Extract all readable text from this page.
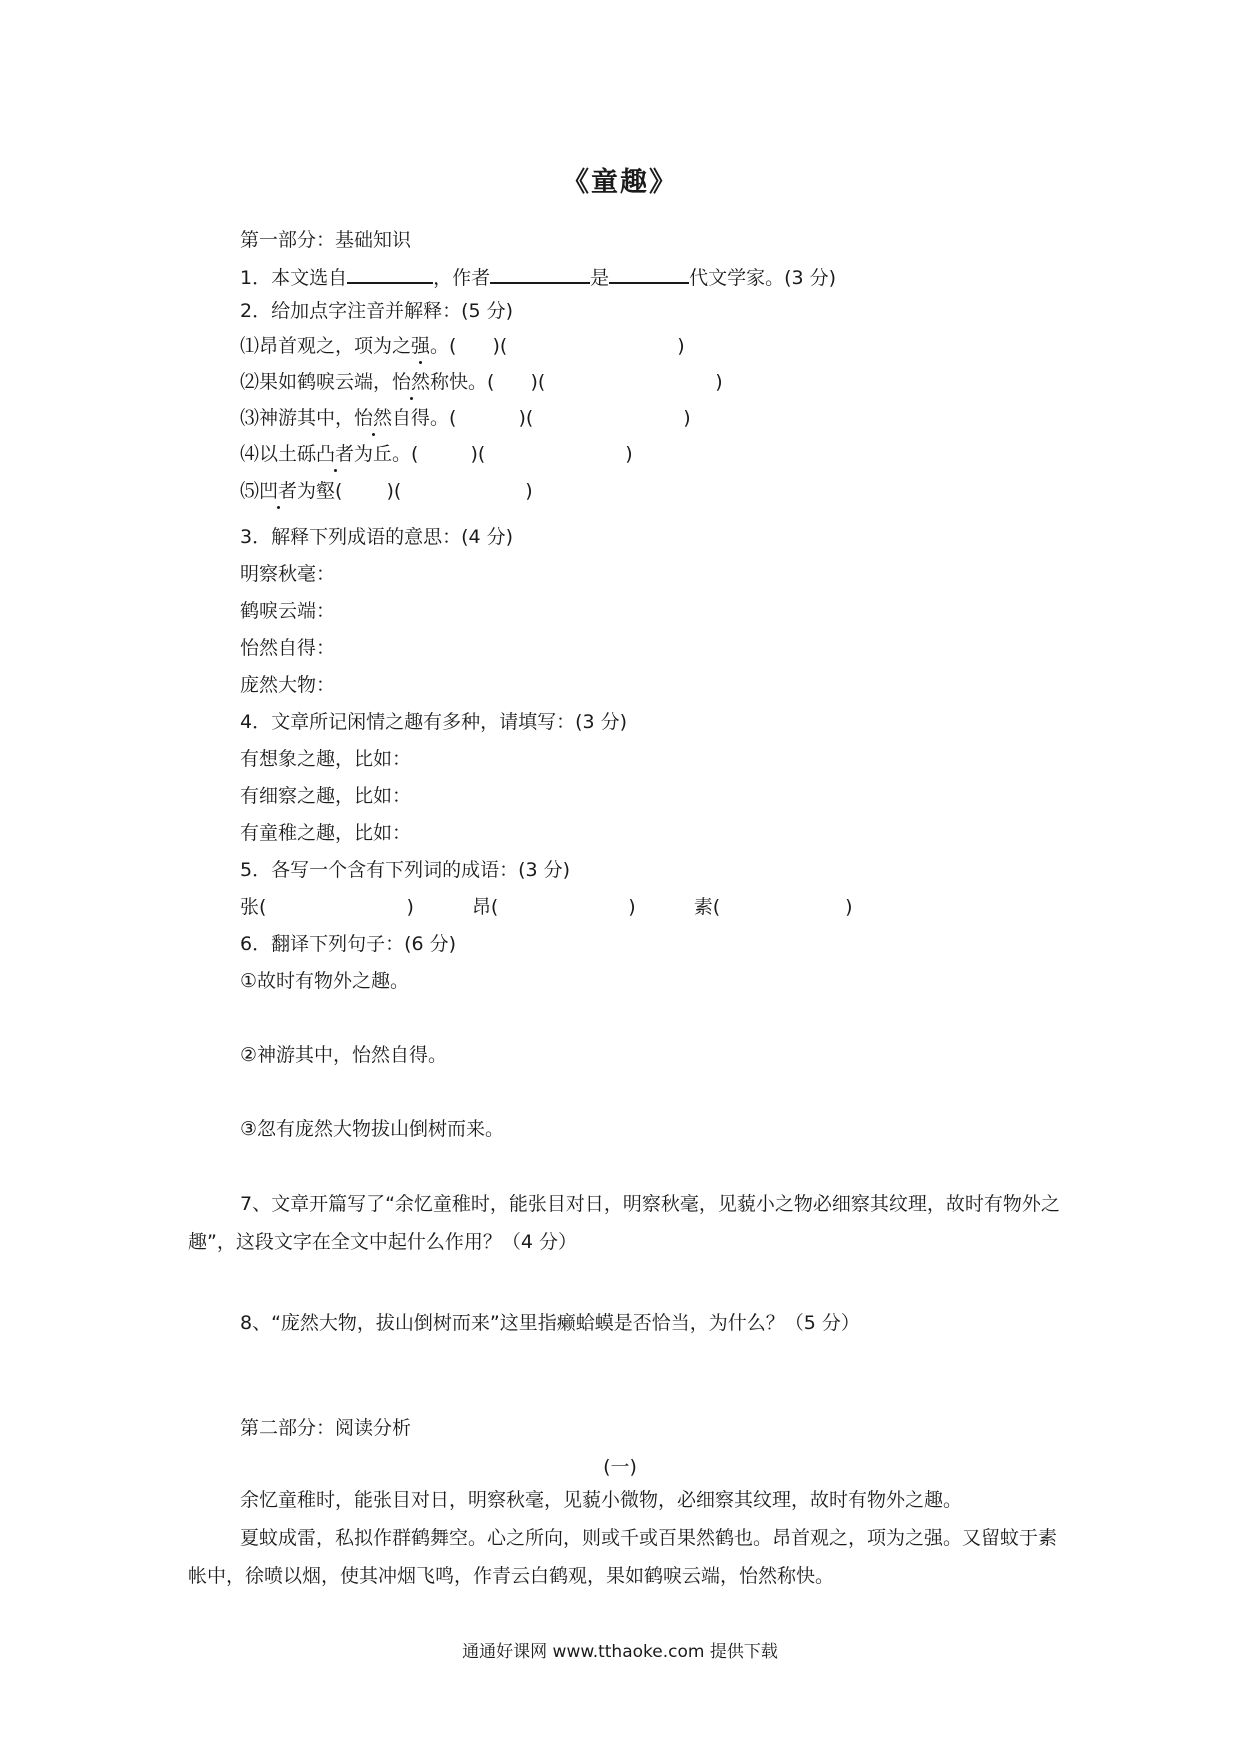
《童趣》
第一部分：基础知识
1．本文选自	，作者	是	代文学家。(3 分)
2．给加点字注音并解释：(5 分)
⑴昂首观之，项为之强。( )(	)
⑵果如鹤唳云端，怡然称快。( )(	)
⑶神游其中，怡然自得。(	)(	)
⑷以土砾凸者为丘。(	)(	)
⑸凹者为壑( )(	)
3．解释下列成语的意思：(4 分)
明察秋毫：
鹤唳云端：
怡然自得：
庞然大物：
4．文章所记闲情之趣有多种，请填写：(3 分)
有想象之趣，比如：
有细察之趣，比如：
有童稚之趣，比如：
5．各写一个含有下列词的成语：(3 分)
张(	)	昂(	)	素(	)
6．翻译下列句子：(6 分)
①故时有物外之趣。
②神游其中，怡然自得。
③忽有庞然大物拔山倒树而来。
7、文章开篇写了“余忆童稚时，能张目对日，明察秋毫，见藐小之物必细察其纹理，故时有物外之趣”，这段文字在全文中起什么作用？（4 分）
8、“庞然大物，拔山倒树而来”这里指癞蛤蟆是否恰当，为什么？（5 分）
第二部分：阅读分析
(一)
余忆童稚时，能张目对日，明察秋毫，见藐小微物，必细察其纹理，故时有物外之趣。
夏蚊成雷，私拟作群鹤舞空。心之所向，则或千或百果然鹤也。昂首观之，项为之强。又留蚊于素帐中，徐喷以烟，使其冲烟飞鸣，作青云白鹤观，果如鹤唳云端，怡然称快。
通通好课网 www.tthaoke.com 提供下载
